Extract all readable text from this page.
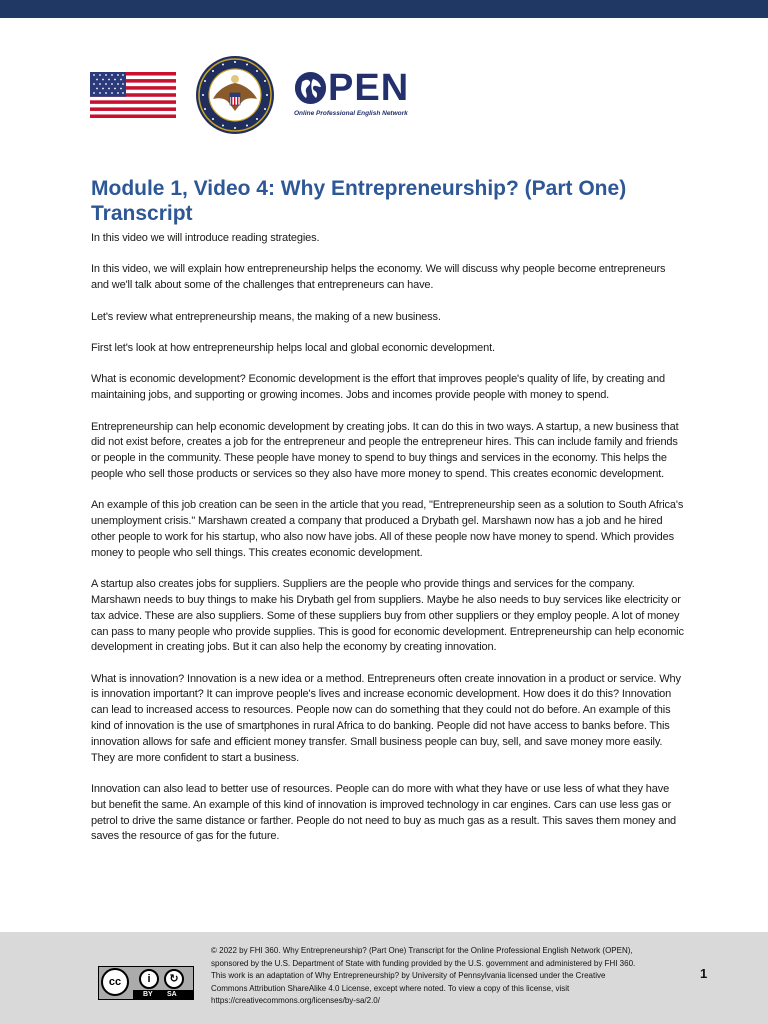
PEN
Online Professional English Network
Module 1, Video 4: Why Entrepreneurship? (Part One) Transcript

In this video we will introduce reading strategies.

In this video, we will explain how entrepreneurship helps the economy. We will discuss why people become entrepreneurs and we'll talk about some of the challenges that entrepreneurs can have.

Let's review what entrepreneurship means, the making of a new business.

First let's look at how entrepreneurship helps local and global economic development.

What is economic development? Economic development is the effort that improves people's quality of life, by creating and maintaining jobs, and supporting or growing incomes. Jobs and incomes provide people with money to spend.

Entrepreneurship can help economic development by creating jobs. It can do this in two ways. A startup, a new business that did not exist before, creates a job for the entrepreneur and people the entrepreneur hires. This can include family and friends or people in the community. These people have money to spend to buy things and services in the economy. This helps the people who sell those products or services so they also have more money to spend. This creates economic development.

An example of this job creation can be seen in the article that you read, "Entrepreneurship seen as a solution to South Africa's unemployment crisis." Marshawn created a company that produced a Drybath gel. Marshawn now has a job and he hired other people to work for his startup, who also now have jobs. All of these people now have money to spend. Which provides money to people who sell things. This creates economic development.

A startup also creates jobs for suppliers. Suppliers are the people who provide things and services for the company. Marshawn needs to buy things to make his Drybath gel from suppliers. Maybe he also needs to buy services like electricity or tax advice. These are also suppliers. Some of these suppliers buy from other suppliers or they employ people. A lot of money can pass to many people who provide supplies. This is good for economic development. Entrepreneurship can help economic development in creating jobs. But it can also help the economy by creating innovation.

What is innovation? Innovation is a new idea or a method. Entrepreneurs often create innovation in a product or service. Why is innovation important? It can improve people's lives and increase economic development. How does it do this? Innovation can lead to increased access to resources. People now can do something that they could not do before. An example of this kind of innovation is the use of smartphones in rural Africa to do banking. People did not have access to banks before. This innovation allows for safe and efficient money transfer. Small business people can buy, sell, and save money more easily. They are more confident to start a business.

Innovation can also lead to better use of resources. People can do more with what they have or use less of what they have but benefit the same. An example of this kind of innovation is improved technology in car engines. Cars can use less gas or petrol to drive the same distance or farther. People do not need to buy as much gas as a result. This saves them money and saves the resource of gas for the future.

cc	i	↻
BY SA
© 2022 by FHI 360. Why Entrepreneurship? (Part One) Transcript for the Online Professional English Network (OPEN), sponsored by the U.S. Department of State with funding provided by the U.S. government and administered by FHI 360. This work is an adaptation of Why Entrepreneurship? by University of Pennsylvania licensed under the Creative Commons Attribution ShareAlike 4.0 License, except where noted. To view a copy of this license, visit https://creativecommons.org/licenses/by-sa/2.0/
1
